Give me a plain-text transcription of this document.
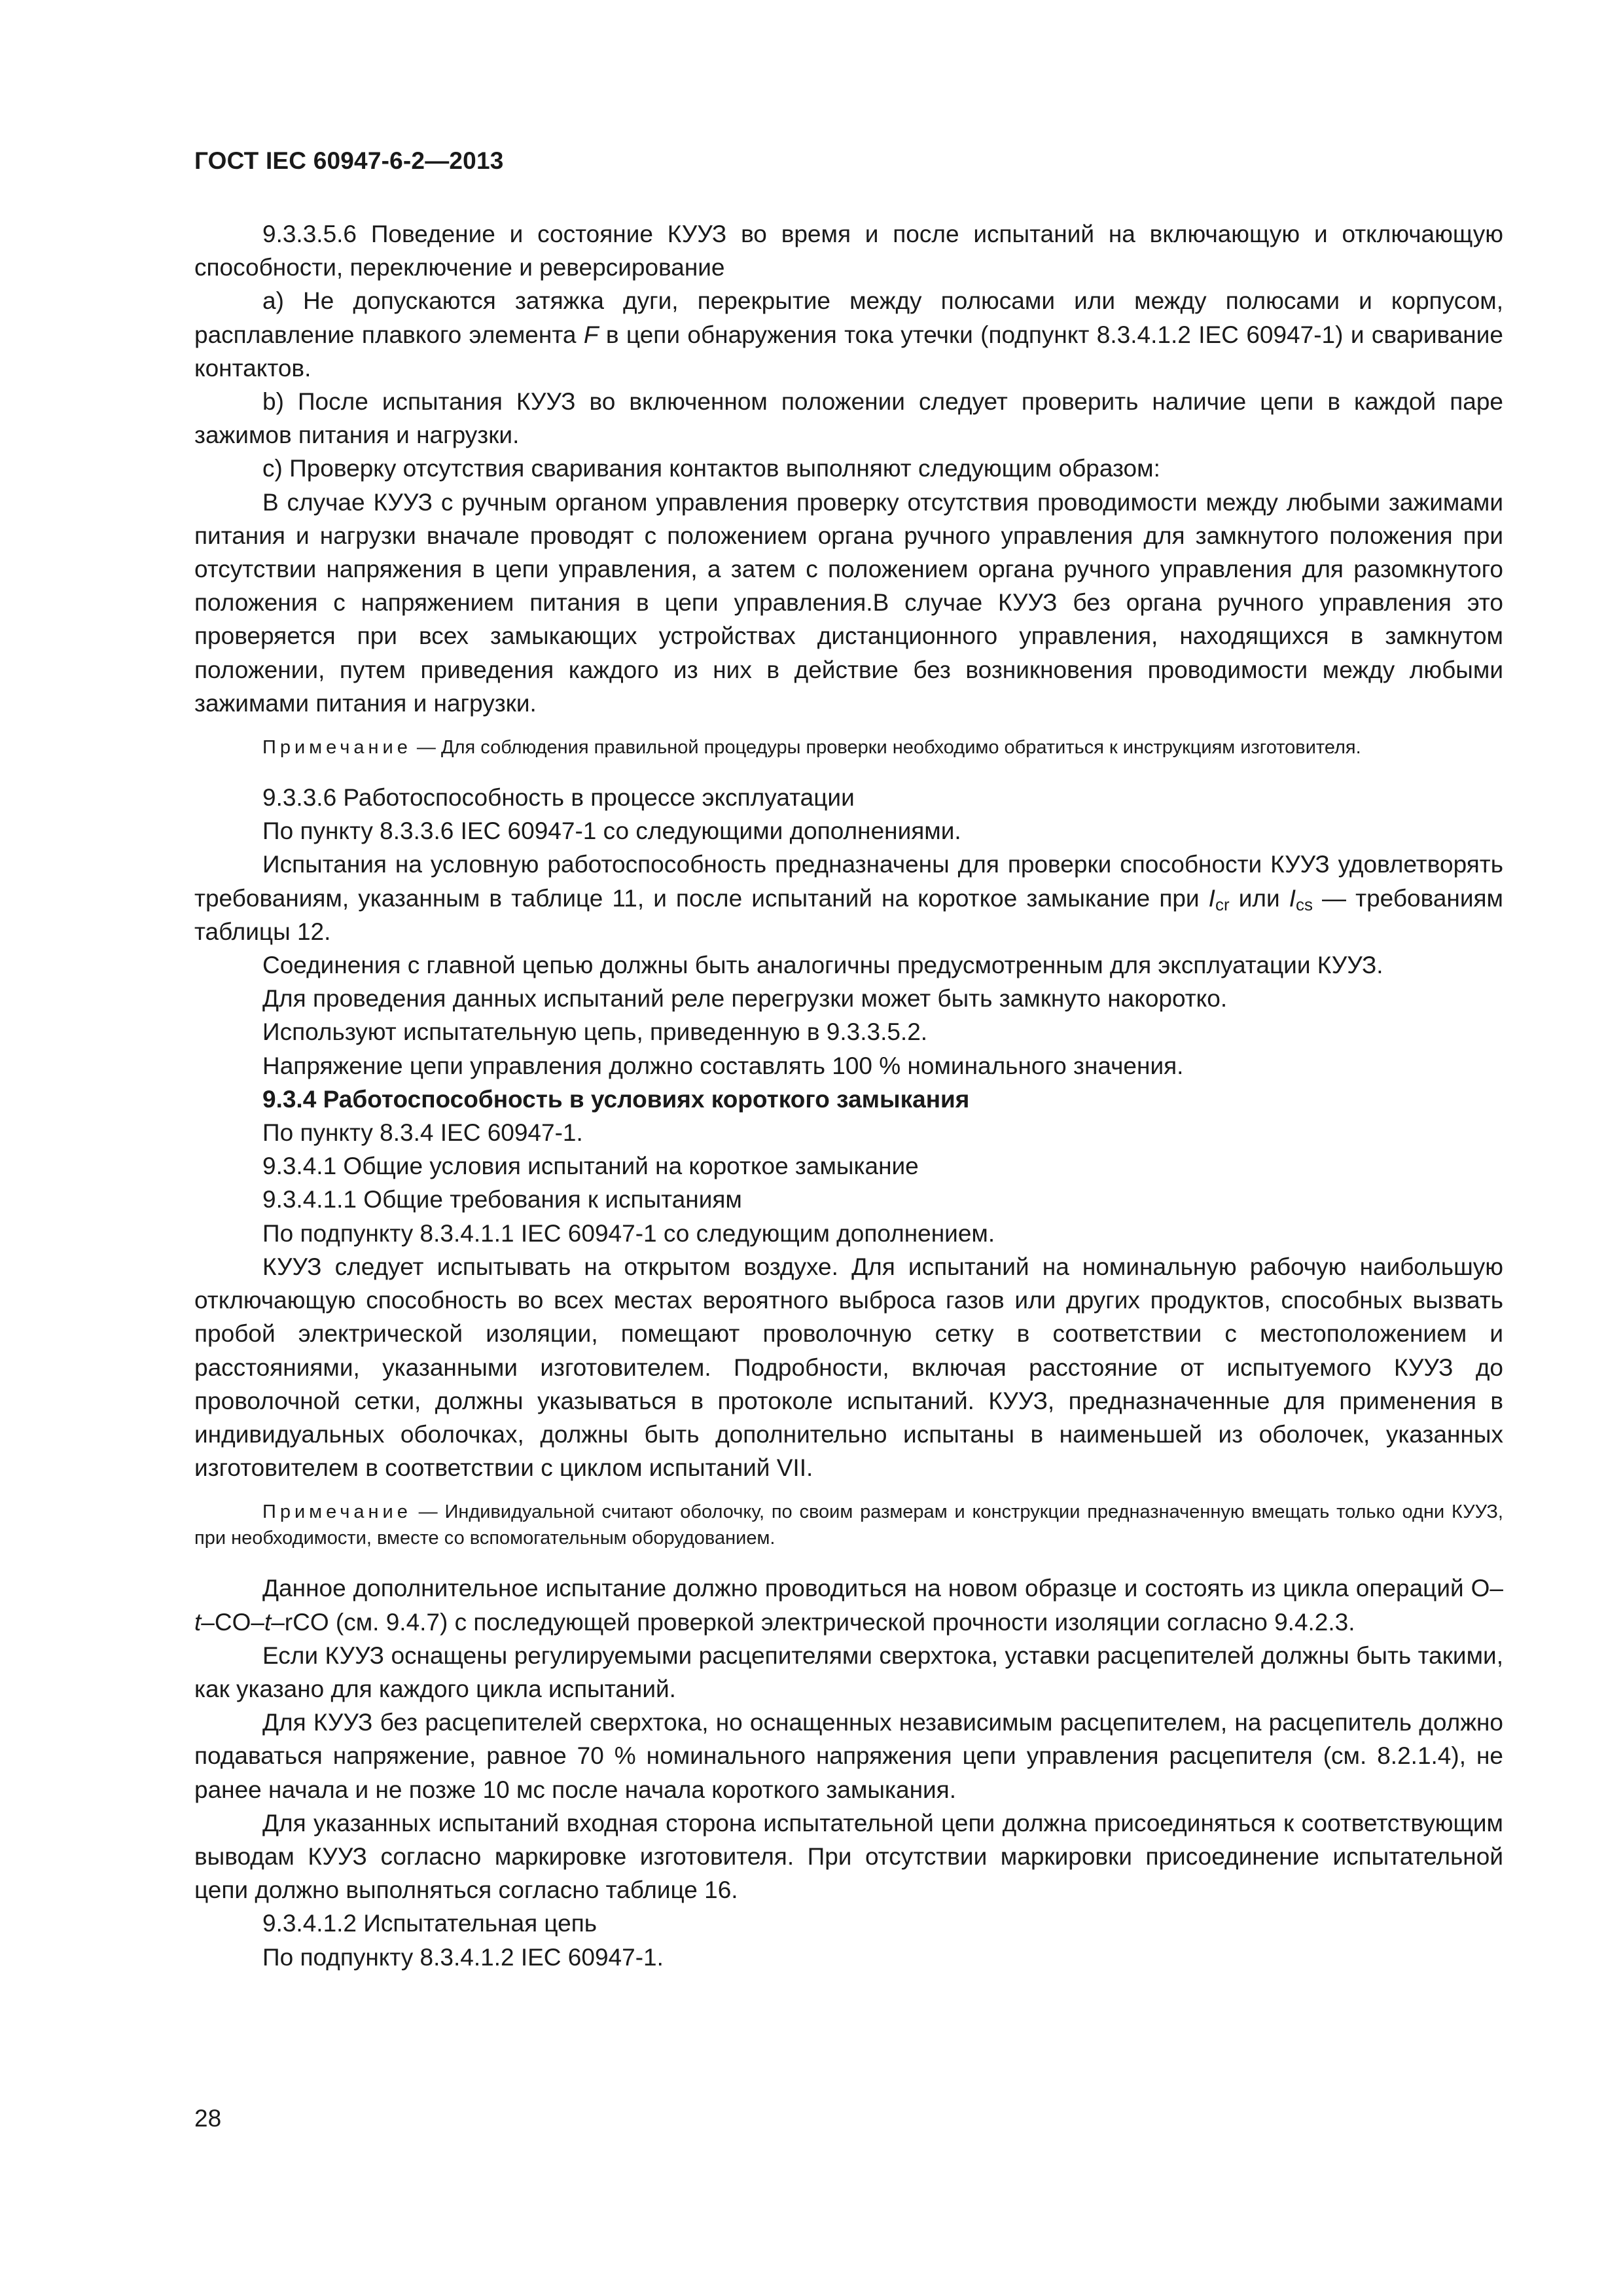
ГОСТ IEC 60947-6-2—2013

9.3.3.5.6 Поведение и состояние КУУЗ во время и после испытаний на включающую и отключающую способности, переключение и реверсирование

a) Не допускаются затяжка дуги, перекрытие между полюсами или между полюсами и корпусом, расплавление плавкого элемента F в цепи обнаружения тока утечки (подпункт 8.3.4.1.2 IEC 60947-1) и сваривание контактов.

b) После испытания КУУЗ во включенном положении следует проверить наличие цепи в каждой паре зажимов питания и нагрузки.

c) Проверку отсутствия сваривания контактов выполняют следующим образом:

В случае КУУЗ с ручным органом управления проверку отсутствия проводимости между любыми зажимами питания и нагрузки вначале проводят с положением органа ручного управления для замкнутого положения при отсутствии напряжения в цепи управления, а затем с положением органа ручного управления для разомкнутого положения с напряжением питания в цепи управления.В случае КУУЗ без органа ручного управления это проверяется при всех замыкающих устройствах дистанционного управления, находящихся в замкнутом положении, путем приведения каждого из них в действие без возникновения проводимости между любыми зажимами питания и нагрузки.

Примечание — Для соблюдения правильной процедуры проверки необходимо обратиться к инструкциям изготовителя.

9.3.3.6 Работоспособность в процессе эксплуатации

По пункту 8.3.3.6 IEC 60947-1 со следующими дополнениями.

Испытания на условную работоспособность предназначены для проверки способности КУУЗ удовлетворять требованиям, указанным в таблице 11, и после испытаний на короткое замыкание при $I_{cr}$ или $I_{cs}$ — требованиям таблицы 12.

Соединения с главной цепью должны быть аналогичны предусмотренным для эксплуатации КУУЗ.

Для проведения данных испытаний реле перегрузки может быть замкнуто накоротко.

Используют испытательную цепь, приведенную в 9.3.3.5.2.

Напряжение цепи управления должно составлять 100 % номинального значения.

9.3.4 Работоспособность в условиях короткого замыкания

По пункту 8.3.4 IEC 60947-1.

9.3.4.1 Общие условия испытаний на короткое замыкание

9.3.4.1.1 Общие требования к испытаниям

По подпункту 8.3.4.1.1 IEC 60947-1 со следующим дополнением.

КУУЗ следует испытывать на открытом воздухе. Для испытаний на номинальную рабочую наибольшую отключающую способность во всех местах вероятного выброса газов или других продуктов, способных вызвать пробой электрической изоляции, помещают проволочную сетку в соответствии с местоположением и расстояниями, указанными изготовителем. Подробности, включая расстояние от испытуемого КУУЗ до проволочной сетки, должны указываться в протоколе испытаний. КУУЗ, предназначенные для применения в индивидуальных оболочках, должны быть дополнительно испытаны в наименьшей из оболочек, указанных изготовителем в соответствии с циклом испытаний VII.

Примечание — Индивидуальной считают оболочку, по своим размерам и конструкции предназначенную вмещать только одни КУУЗ, при необходимости, вместе со вспомогательным оборудованием.

Данное дополнительное испытание должно проводиться на новом образце и состоять из цикла операций O–t–CO–t–rCO (см. 9.4.7) с последующей проверкой электрической прочности изоляции согласно 9.4.2.3.

Если КУУЗ оснащены регулируемыми расцепителями сверхтока, уставки расцепителей должны быть такими, как указано для каждого цикла испытаний.

Для КУУЗ без расцепителей сверхтока, но оснащенных независимым расцепителем, на расцепитель должно подаваться напряжение, равное 70 % номинального напряжения цепи управления расцепителя (см. 8.2.1.4), не ранее начала и не позже 10 мс после начала короткого замыкания.

Для указанных испытаний входная сторона испытательной цепи должна присоединяться к соответствующим выводам КУУЗ согласно маркировке изготовителя. При отсутствии маркировки присоединение испытательной цепи должно выполняться согласно таблице 16.

9.3.4.1.2 Испытательная цепь

По подпункту 8.3.4.1.2 IEC 60947-1.

28
